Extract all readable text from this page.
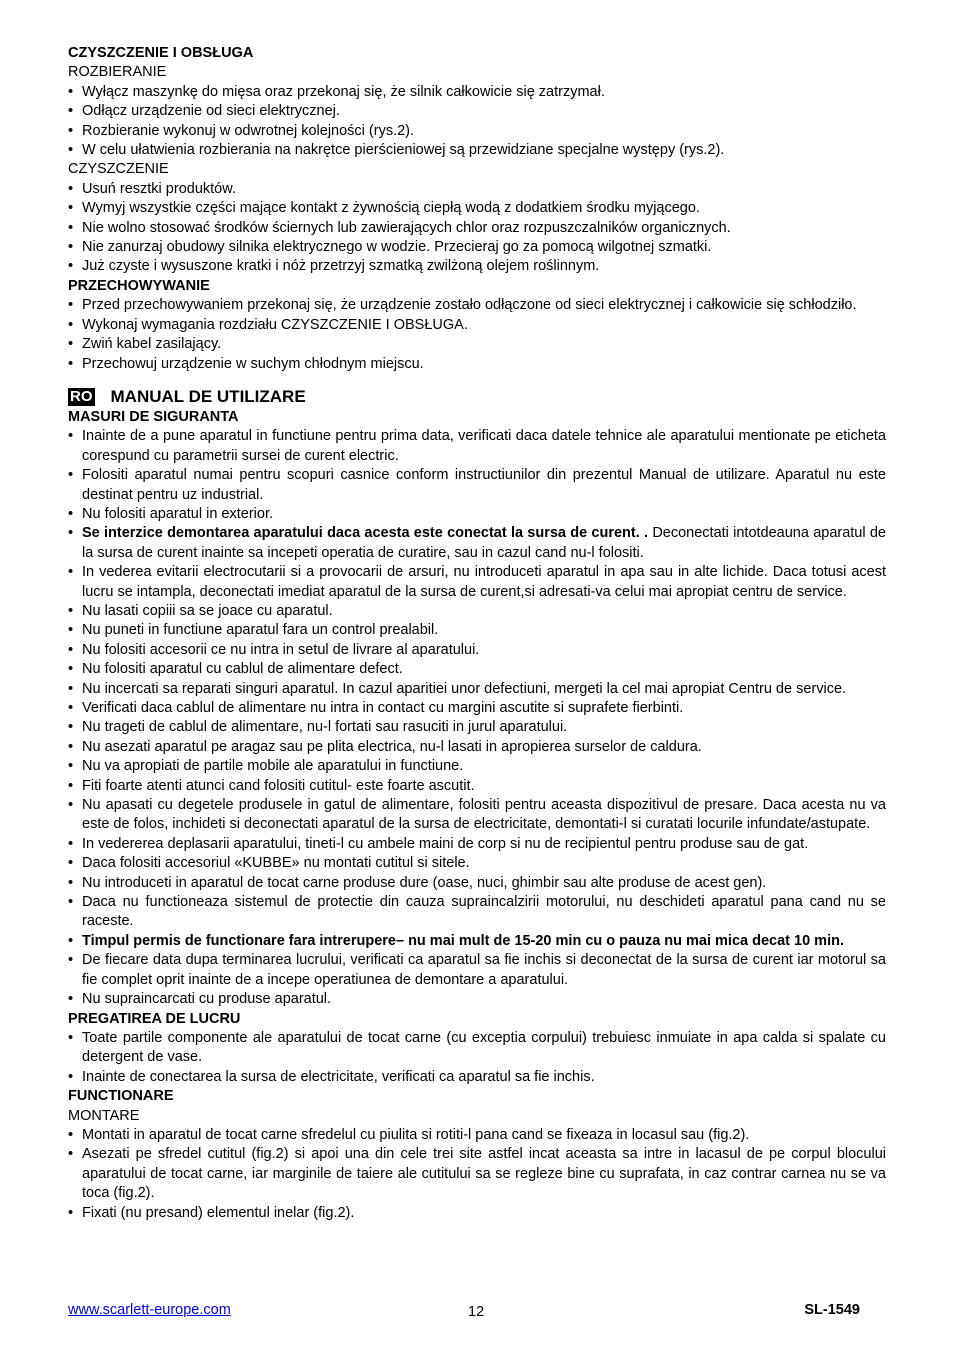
CZYSZCZENIE I OBSŁUGA
ROZBIERANIE
• Wyłącz maszynkę do mięsa oraz przekonaj się, że silnik całkowicie się zatrzymał.
• Odłącz urządzenie od sieci elektrycznej.
• Rozbieranie wykonuj w odwrotnej kolejności (rys.2).
• W celu ułatwienia rozbierania na nakrętce pierścieniowej są przewidziane specjalne występy (rys.2).
CZYSZCZENIE
• Usuń resztki produktów.
• Wymyj wszystkie części mające kontakt z żywnością ciepłą wodą z dodatkiem środku myjącego.
• Nie wolno stosować środków ściernych lub zawierających chlor oraz rozpuszczalników organicznych.
• Nie zanurzaj obudowy silnika elektrycznego w wodzie. Przecieraj go za pomocą wilgotnej szmatki.
• Już czyste i wysuszone kratki i nóż przetrzyj szmatką zwilżoną olejem roślinnym.
PRZECHOWYWANIE
• Przed przechowywaniem przekonaj się, że urządzenie zostało odłączone od sieci elektrycznej i całkowicie się schłodziło.
• Wykonaj wymagania rozdziału CZYSZCZENIE I OBSŁUGA.
• Zwiń kabel zasilający.
• Przechowuj urządzenie w suchym chłodnym miejscu.
RO MANUAL DE UTILIZARE
MASURI DE SIGURANTA
• Inainte de a pune aparatul in functiune pentru prima data, verificati daca datele tehnice ale aparatului mentionate pe eticheta corespund cu parametrii sursei de curent electric.
• Folositi aparatul numai pentru scopuri casnice conform instructiunilor din prezentul Manual de utilizare. Aparatul nu este destinat pentru uz industrial.
• Nu folositi aparatul in exterior.
• Se interzice demontarea aparatului daca acesta este conectat la sursa de curent. . Deconectati intotdeauna aparatul de la sursa de curent inainte sa incepeti operatia de curatire, sau in cazul cand nu-l folositi.
• In vederea evitarii electrocutarii si a provocarii de arsuri, nu introduceti aparatul in apa sau in alte lichide. Daca totusi acest lucru se intampla, deconectati imediat aparatul de la sursa de curent,si adresati-va celui mai apropiat centru de service.
• Nu lasati copiii sa se joace cu aparatul.
• Nu puneti in functiune aparatul fara un control prealabil.
• Nu folositi accesorii ce nu intra in setul de livrare al aparatului.
• Nu folositi aparatul cu cablul de alimentare defect.
• Nu incercati sa reparati singuri aparatul. In cazul aparitiei unor defectiuni, mergeti la cel mai apropiat Centru de service.
• Verificati daca cablul de alimentare nu intra in contact cu margini ascutite si suprafete fierbinti.
• Nu trageti de cablul de alimentare, nu-l fortati sau rasuciti in jurul aparatului.
• Nu asezati aparatul pe aragaz sau pe plita electrica, nu-l lasati in apropierea surselor de caldura.
• Nu va apropiati de partile mobile ale aparatului in functiune.
• Fiti foarte atenti atunci cand folositi cutitul- este foarte ascutit.
• Nu apasati cu degetele produsele in gatul de alimentare, folositi pentru aceasta dispozitivul de presare. Daca acesta nu va este de folos, inchideti si deconectati aparatul de la sursa de electricitate, demontati-l si curatati locurile infundate/astupate.
• In vedererea deplasarii aparatului, tineti-l cu ambele maini de corp si nu de recipientul pentru produse sau de gat.
• Daca folositi accesoriul «KUBBE» nu montati cutitul si sitele.
• Nu introduceti in aparatul de tocat carne produse dure (oase, nuci, ghimbir sau alte produse de acest gen).
• Daca nu functioneaza sistemul de protectie din cauza supraincalzirii motorului, nu deschideti aparatul pana cand nu se raceste.
• Timpul permis de functionare fara intrerupere– nu mai mult de 15-20 min cu o pauza nu mai mica decat 10 min.
• De fiecare data dupa terminarea lucrului, verificati ca aparatul sa fie inchis si deconectat de la sursa de curent iar motorul sa fie complet oprit inainte de a incepe operatiunea de demontare a aparatului.
• Nu supraincarcati cu produse aparatul.
PREGATIREA DE LUCRU
• Toate partile componente ale aparatului de tocat carne (cu exceptia corpului) trebuiesc inmuiate in apa calda si spalate cu detergent de vase.
• Inainte de conectarea la sursa de electricitate, verificati ca aparatul sa fie inchis.
FUNCTIONARE
MONTARE
• Montati in aparatul de tocat carne sfredelul cu piulita si rotiti-l pana cand se fixeaza in locasul sau (fig.2).
• Asezati pe sfredel cutitul (fig.2) si apoi una din cele trei site astfel incat aceasta sa intre in lacasul de pe corpul blocului aparatului de tocat carne, iar marginile de taiere ale cutitului sa se regleze bine cu suprafata, in caz contrar carnea nu se va toca (fig.2).
• Fixati (nu presand) elementul inelar (fig.2).
www.scarlett-europe.com	12	SL-1549
